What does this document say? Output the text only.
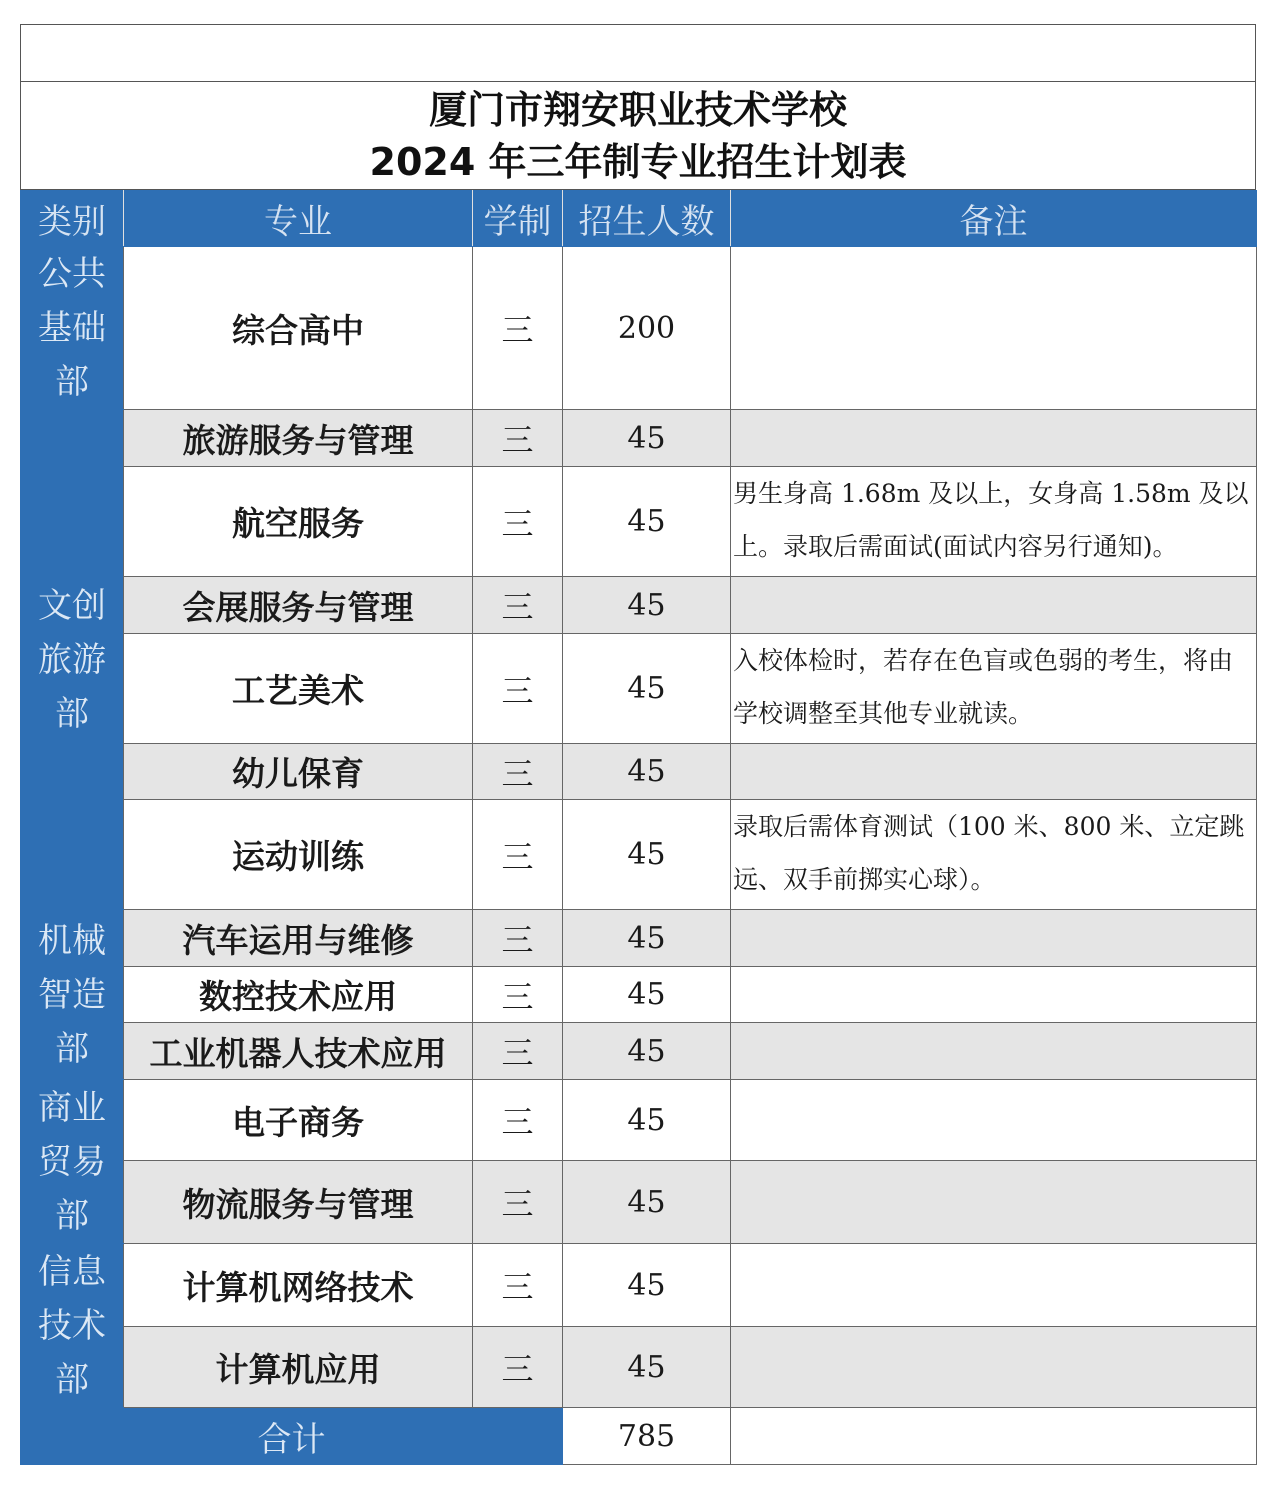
厦门市翔安职业技术学校
2024 年三年制专业招生计划表
类别	专业	学制	招生人数	备注

公共
基础
部	综合高中	三	200	

文创
旅游
部	旅游服务与管理	三	45	
	航空服务	三	45	男生身高 1.68m 及以上，女身高 1.58m 及以上。录取后需面试(面试内容另行通知)。
	会展服务与管理	三	45	
	工艺美术	三	45	入校体检时，若存在色盲或色弱的考生，将由学校调整至其他专业就读。
	幼儿保育	三	45	
	运动训练	三	45	录取后需体育测试（100 米、800 米、立定跳远、双手前掷实心球）。

机械
智造
部	汽车运用与维修	三	45	
	数控技术应用	三	45	
	工业机器人技术应用	三	45	

商业
贸易
部	电子商务	三	45	
	物流服务与管理	三	45	

信息
技术
部	计算机网络技术	三	45	
	计算机应用	三	45	
合计			785	
